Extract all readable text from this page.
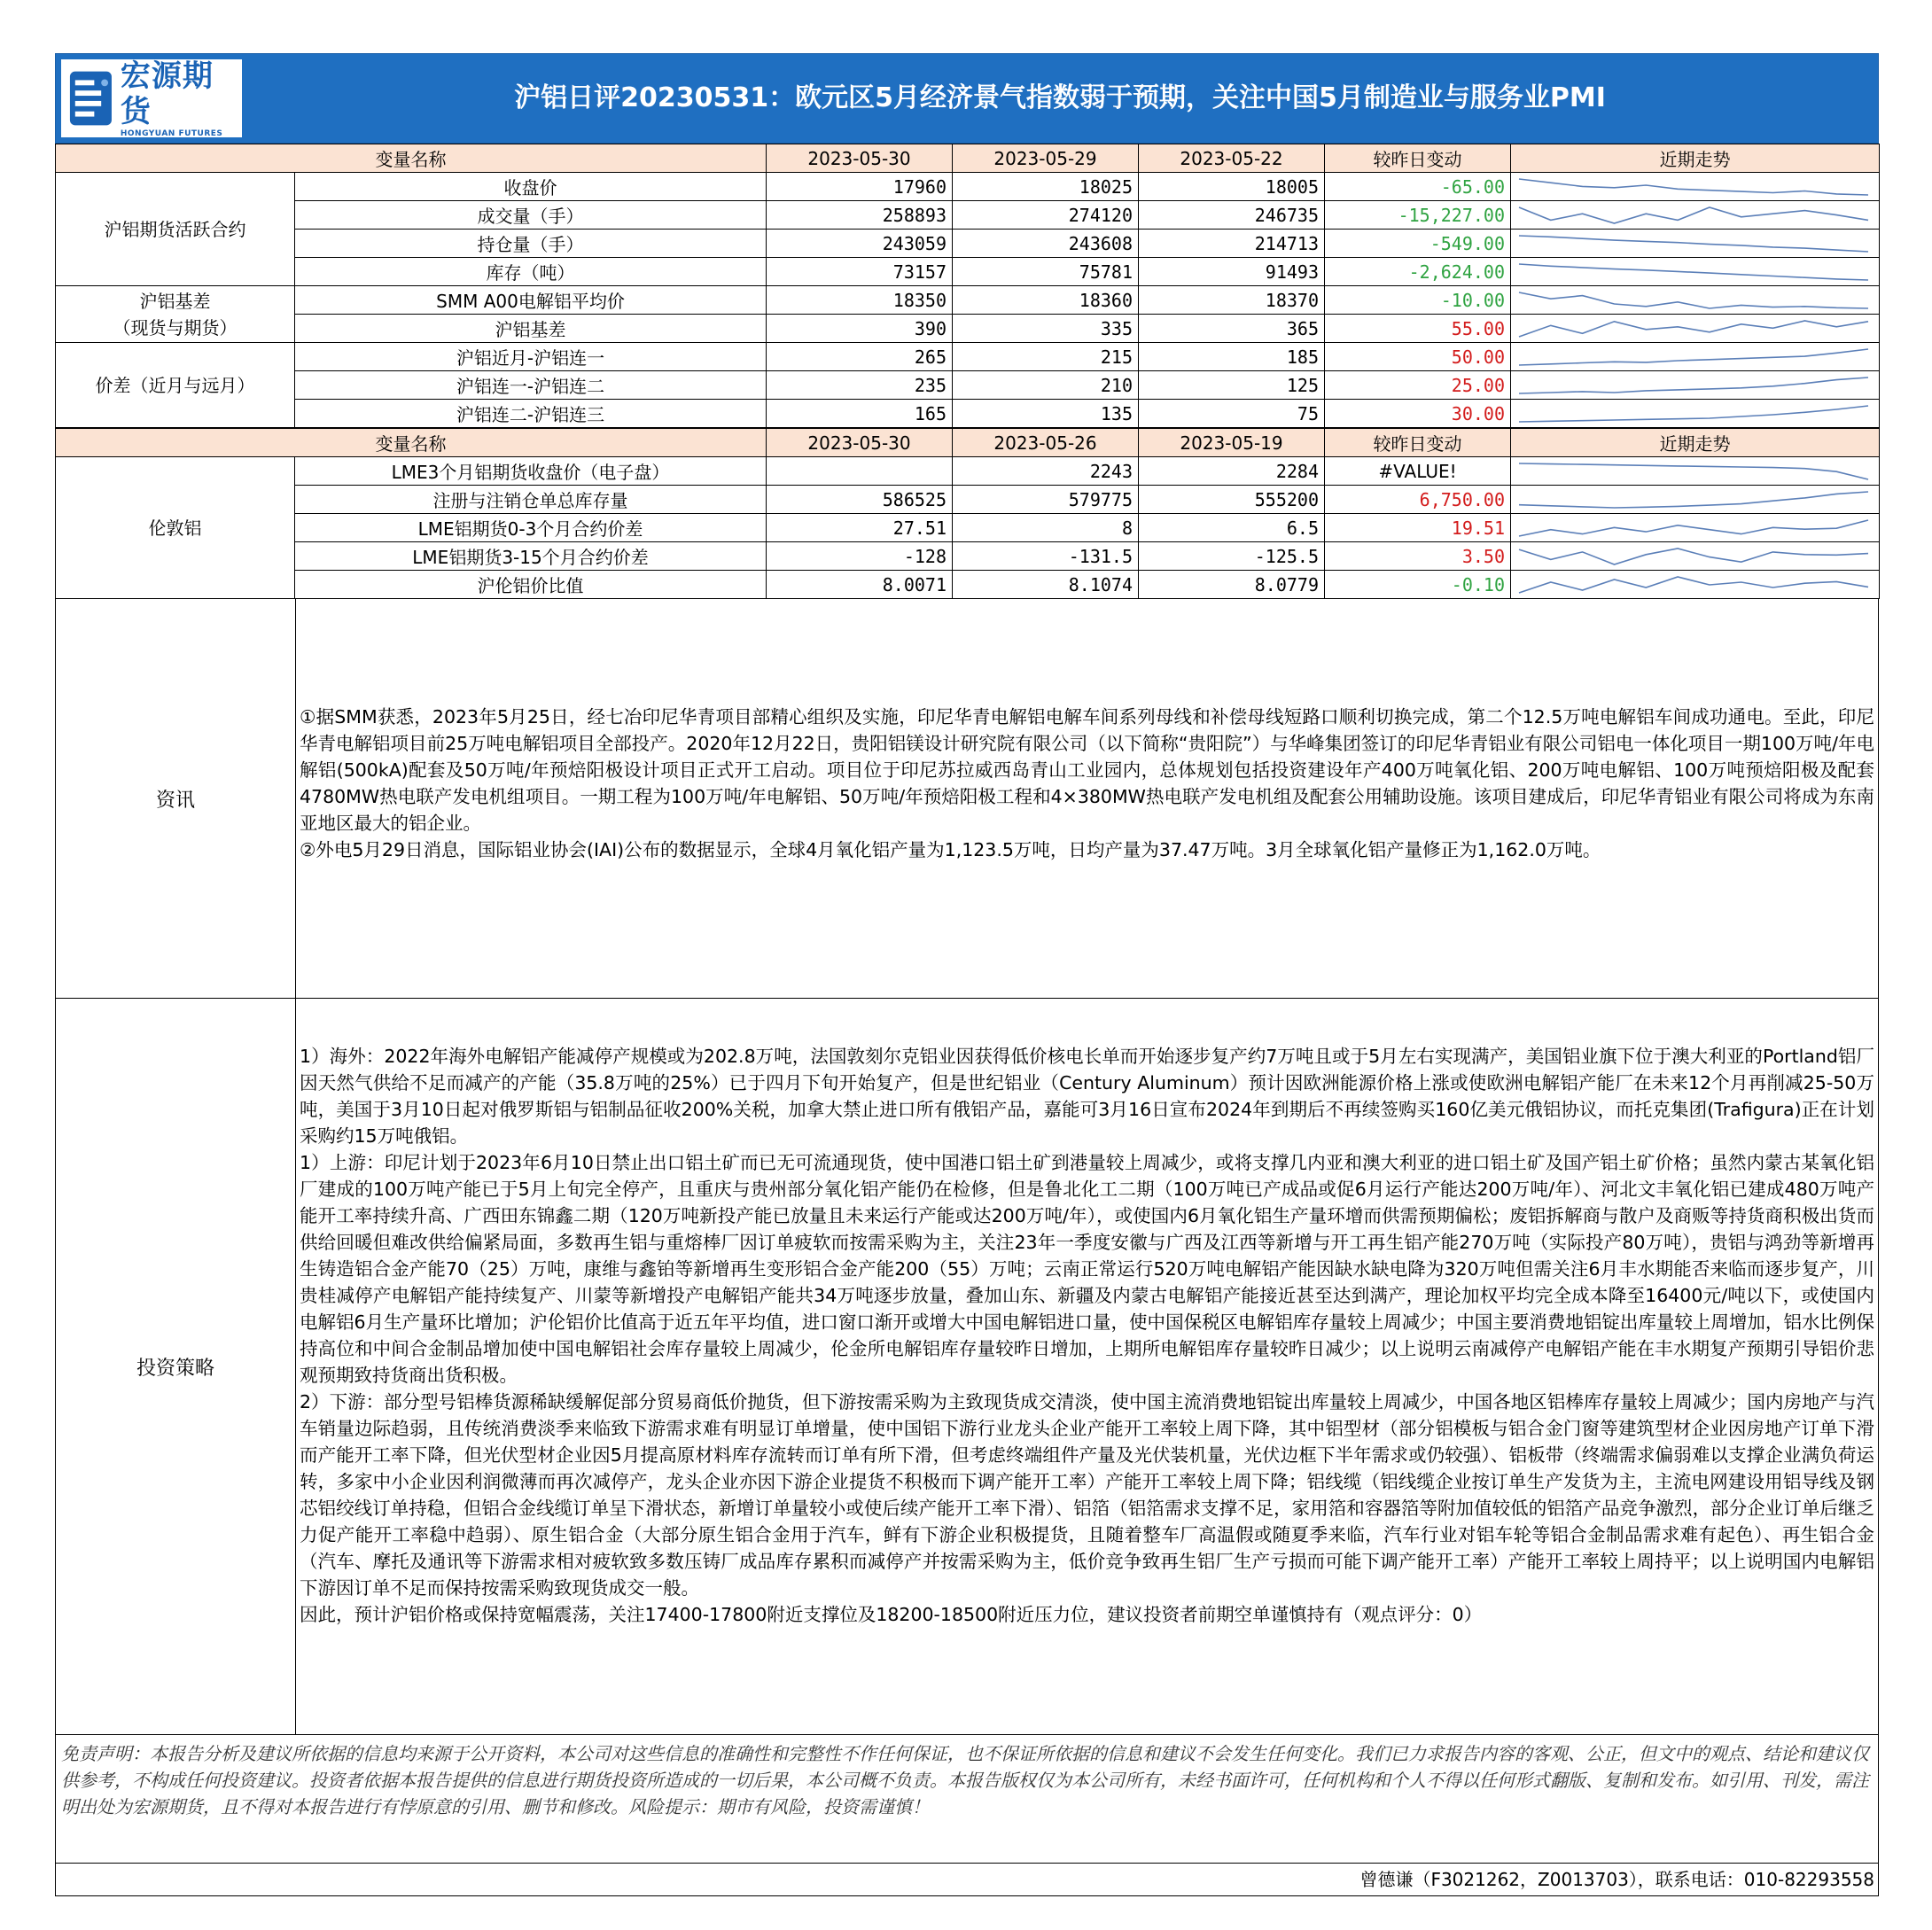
宏源期货
HONGYUAN FUTURES
沪铝日评20230531：欧元区5月经济景气指数弱于预期，关注中国5月制造业与服务业PMI
变量名称		2023-05-30	2023-05-29	2023-05-22	较昨日变动	近期走势
沪铝期货活跃合约	收盘价	17960	18025	18005	-65.00	

	成交量（手）	258893	274120	246735	-15,227.00	

	持仓量（手）	243059	243608	214713	-549.00	

	库存（吨）	73157	75781	91493	-2,624.00	

沪铝基差
（现货与期货）	SMM A00电解铝平均价	18350	18360	18370	-10.00	

	沪铝基差	390	335	365	55.00	

价差（近月与远月）	沪铝近月-沪铝连一	265	215	185	50.00	

	沪铝连一-沪铝连二	235	210	125	25.00	

	沪铝连二-沪铝连三	165	135	75	30.00	
变量名称		2023-05-30	2023-05-26	2023-05-19	较昨日变动	近期走势
伦敦铝	LME3个月铝期货收盘价（电子盘）		2243	2284	#VALUE!	

	注册与注销仓单总库存量	586525	579775	555200	6,750.00	

	LME铝期货0-3个月合约价差	27.51	8	6.5	19.51	

	LME铝期货3-15个月合约价差	-128	-131.5	-125.5	3.50	

	沪伦铝价比值	8.0071	8.1074	8.0779	-0.10	
资讯

①据SMM获悉，2023年5月25日，经七冶印尼华青项目部精心组织及实施，印尼华青电解铝电解车间系列母线和补偿母线短路口顺利切换完成，第二个12.5万吨电解铝车间成功通电。至此，印尼华青电解铝项目前25万吨电解铝项目全部投产。2020年12月22日，贵阳铝镁设计研究院有限公司（以下简称“贵阳院”）与华峰集团签订的印尼华青铝业有限公司铝电一体化项目一期100万吨/年电解铝(500kA)配套及50万吨/年预焙阳极设计项目正式开工启动。项目位于印尼苏拉威西岛青山工业园内，总体规划包括投资建设年产400万吨氧化铝、200万吨电解铝、100万吨预焙阳极及配套4780MW热电联产发电机组项目。一期工程为100万吨/年电解铝、50万吨/年预焙阳极工程和4×380MW热电联产发电机组及配套公用辅助设施。该项目建成后，印尼华青铝业有限公司将成为东南亚地区最大的铝企业。

②外电5月29日消息，国际铝业协会(IAI)公布的数据显示，全球4月氧化铝产量为1,123.5万吨，日均产量为37.47万吨。3月全球氧化铝产量修正为1,162.0万吨。

投资策略

1）海外：2022年海外电解铝产能减停产规模或为202.8万吨，法国敦刻尔克铝业因获得低价核电长单而开始逐步复产约7万吨且或于5月左右实现满产，美国铝业旗下位于澳大利亚的Portland铝厂因天然气供给不足而减产的产能（35.8万吨的25%）已于四月下旬开始复产，但是世纪铝业（Century Aluminum）预计因欧洲能源价格上涨或使欧洲电解铝产能厂在未来12个月再削减25-50万吨，美国于3月10日起对俄罗斯铝与铝制品征收200%关税，加拿大禁止进口所有俄铝产品，嘉能可3月16日宣布2024年到期后不再续签购买160亿美元俄铝协议，而托克集团(Trafigura)正在计划采购约15万吨俄铝。

1）上游：印尼计划于2023年6月10日禁止出口铝土矿而已无可流通现货，使中国港口铝土矿到港量较上周减少，或将支撑几内亚和澳大利亚的进口铝土矿及国产铝土矿价格；虽然内蒙古某氧化铝厂建成的100万吨产能已于5月上旬完全停产，且重庆与贵州部分氧化铝产能仍在检修，但是鲁北化工二期（100万吨已产成品或促6月运行产能达200万吨/年）、河北文丰氧化铝已建成480万吨产能开工率持续升高、广西田东锦鑫二期（120万吨新投产能已放量且未来运行产能或达200万吨/年），或使国内6月氧化铝生产量环增而供需预期偏松；废铝拆解商与散户及商贩等持货商积极出货而供给回暖但难改供给偏紧局面，多数再生铝与重熔棒厂因订单疲软而按需采购为主，关注23年一季度安徽与广西及江西等新增与开工再生铝产能270万吨（实际投产80万吨），贵铝与鸿劲等新增再生铸造铝合金产能70（25）万吨，康维与鑫铂等新增再生变形铝合金产能200（55）万吨；云南正常运行520万吨电解铝产能因缺水缺电降为320万吨但需关注6月丰水期能否来临而逐步复产，川贵桂减停产电解铝产能持续复产、川蒙等新增投产电解铝产能共34万吨逐步放量，叠加山东、新疆及内蒙古电解铝产能接近甚至达到满产，理论加权平均完全成本降至16400元/吨以下，或使国内电解铝6月生产量环比增加；沪伦铝价比值高于近五年平均值，进口窗口渐开或增大中国电解铝进口量，使中国保税区电解铝库存量较上周减少；中国主要消费地铝锭出库量较上周增加，铝水比例保持高位和中间合金制品增加使中国电解铝社会库存量较上周减少，伦金所电解铝库存量较昨日增加，上期所电解铝库存量较昨日减少；以上说明云南减停产电解铝产能在丰水期复产预期引导铝价悲观预期致持货商出货积极。

2）下游：部分型号铝棒货源稀缺缓解促部分贸易商低价抛货，但下游按需采购为主致现货成交清淡，使中国主流消费地铝锭出库量较上周减少，中国各地区铝棒库存量较上周减少；国内房地产与汽车销量边际趋弱，且传统消费淡季来临致下游需求难有明显订单增量，使中国铝下游行业龙头企业产能开工率较上周下降，其中铝型材（部分铝模板与铝合金门窗等建筑型材企业因房地产订单下滑而产能开工率下降，但光伏型材企业因5月提高原材料库存流转而订单有所下滑，但考虑终端组件产量及光伏装机量，光伏边框下半年需求或仍较强）、铝板带（终端需求偏弱难以支撑企业满负荷运转，多家中小企业因利润微薄而再次减停产，龙头企业亦因下游企业提货不积极而下调产能开工率）产能开工率较上周下降；铝线缆（铝线缆企业按订单生产发货为主，主流电网建设用铝导线及钢芯铝绞线订单持稳，但铝合金线缆订单呈下滑状态，新增订单量较小或使后续产能开工率下滑）、铝箔（铝箔需求支撑不足，家用箔和容器箔等附加值较低的铝箔产品竞争激烈，部分企业订单后继乏力促产能开工率稳中趋弱）、原生铝合金（大部分原生铝合金用于汽车，鲜有下游企业积极提货，且随着整车厂高温假或随夏季来临，汽车行业对铝车轮等铝合金制品需求难有起色）、再生铝合金（汽车、摩托及通讯等下游需求相对疲软致多数压铸厂成品库存累积而减停产并按需采购为主，低价竞争致再生铝厂生产亏损而可能下调产能开工率）产能开工率较上周持平；以上说明国内电解铝下游因订单不足而保持按需采购致现货成交一般。

因此，预计沪铝价格或保持宽幅震荡，关注17400-17800附近支撑位及18200-18500附近压力位，建议投资者前期空单谨慎持有（观点评分：0）

免责声明：本报告分析及建议所依据的信息均来源于公开资料，本公司对这些信息的准确性和完整性不作任何保证，也不保证所依据的信息和建议不会发生任何变化。我们已力求报告内容的客观、公正，但文中的观点、结论和建议仅供参考，不构成任何投资建议。投资者依据本报告提供的信息进行期货投资所造成的一切后果，本公司概不负责。本报告版权仅为本公司所有，未经书面许可，任何机构和个人不得以任何形式翻版、复制和发布。如引用、刊发，需注明出处为宏源期货，且不得对本报告进行有悖原意的引用、删节和修改。风险提示：期市有风险，投资需谨慎！
曾德谦（F3021262，Z0013703），联系电话：010-82293558
